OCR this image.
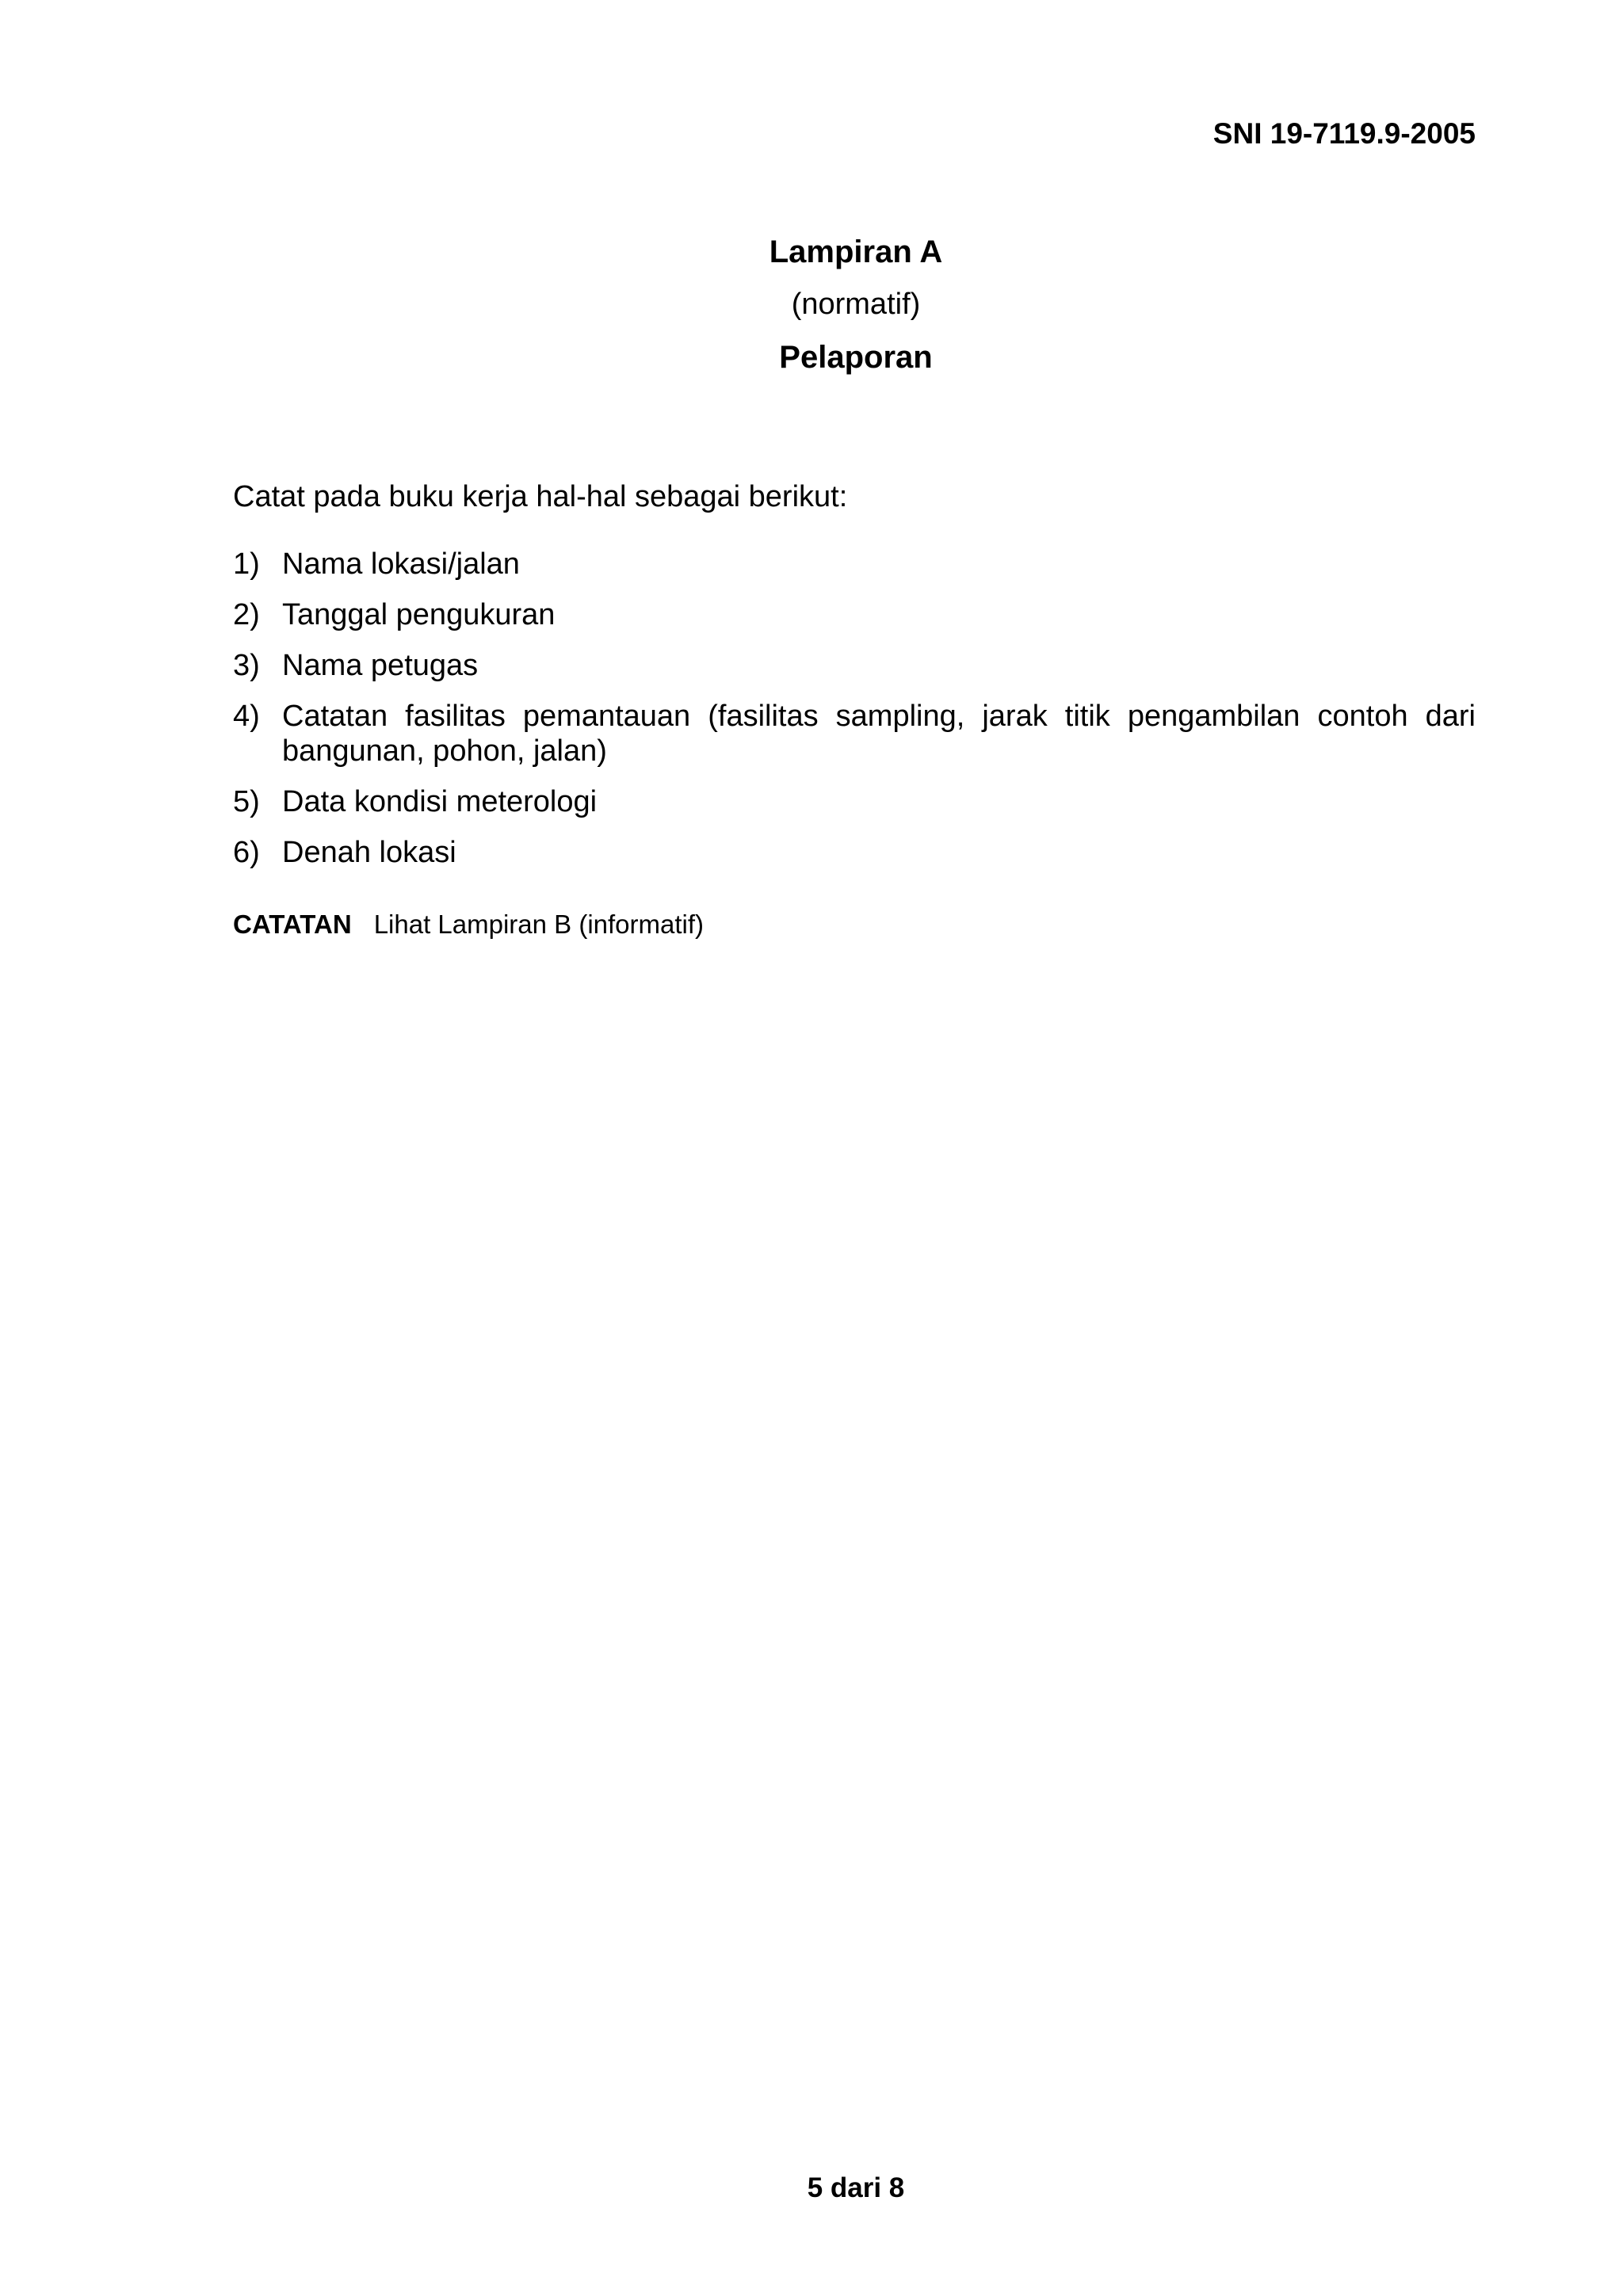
SNI 19-7119.9-2005
Lampiran A
(normatif)
Pelaporan
Catat pada buku kerja hal-hal sebagai berikut:
1) Nama lokasi/jalan
2) Tanggal pengukuran
3) Nama petugas
4) Catatan fasilitas pemantauan (fasilitas sampling, jarak titik pengambilan contoh dari bangunan, pohon, jalan)
5) Data kondisi meterologi
6) Denah lokasi
CATATAN Lihat Lampiran B (informatif)
5 dari 8
